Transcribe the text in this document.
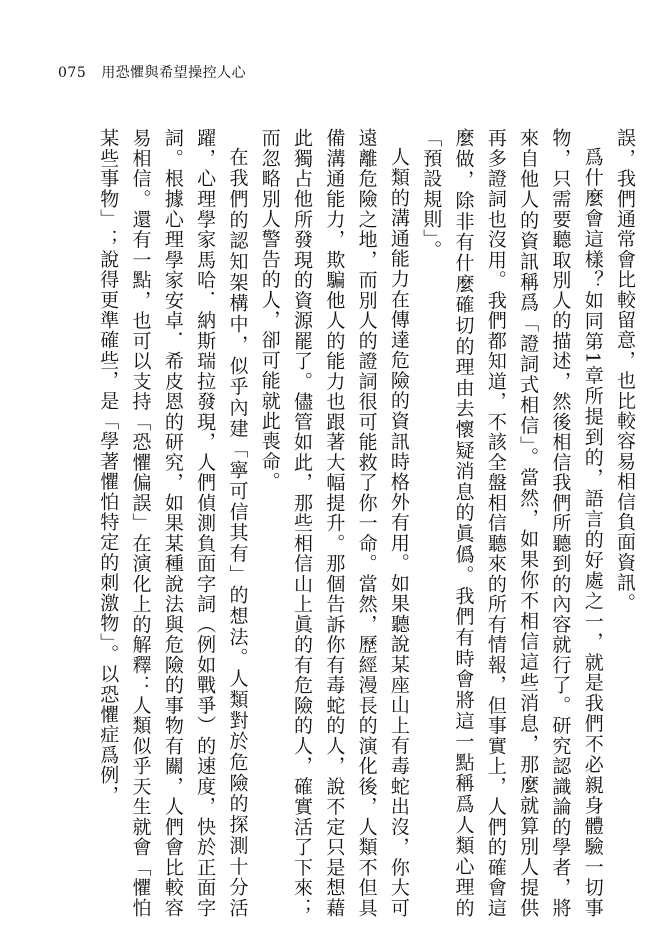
075 用恐懼與希望操控人心

誤，我們通常會比較留意，也比較容易相信負面資訊。

爲什麼會這樣？如同第1章所提到的，語言的好處之一，就是我們不必親身體驗一切事物，只需要聽取別人的描述，然後相信我們所聽到的內容就行了。研究認識論的學者，將來自他人的資訊稱爲「證詞式相信」。當然，如果你不相信這些消息，那麼就算別人提供再多證詞也沒用。我們都知道，不該全盤相信聽來的所有情報，但事實上，人們的確會這麼做，除非有什麼確切的理由去懷疑消息的眞僞。我們有時會將這一點稱爲人類心理的「預設規則」。

人類的溝通能力在傳達危險的資訊時格外有用。如果聽說某座山上有毒蛇出沒，你大可遠離危險之地，而別人的證詞很可能救了你一命。當然，歷經漫長的演化後，人類不但具備溝通能力，欺騙他人的能力也跟著大幅提升。那個告訴你有毒蛇的人，說不定只是想藉此獨占他所發現的資源罷了。儘管如此，那些相信山上眞的有危險的人，確實活了下來；而忽略別人警告的人，卻可能就此喪命。

在我們的認知架構中，似乎內建「寧可信其有」的想法。人類對於危險的探測十分活躍，心理學家馬哈．納斯瑞拉發現，人們偵測負面字詞（例如戰爭）的速度，快於正面字詞。根據心理學家安卓．希皮恩的研究，如果某種說法與危險的事物有關，人們會比較容易相信。還有一點，也可以支持「恐懼偏誤」在演化上的解釋：人類似乎天生就會「懼怕某些事物」；說得更準確些，是「學著懼怕特定的刺激物」。以恐懼症爲例，
